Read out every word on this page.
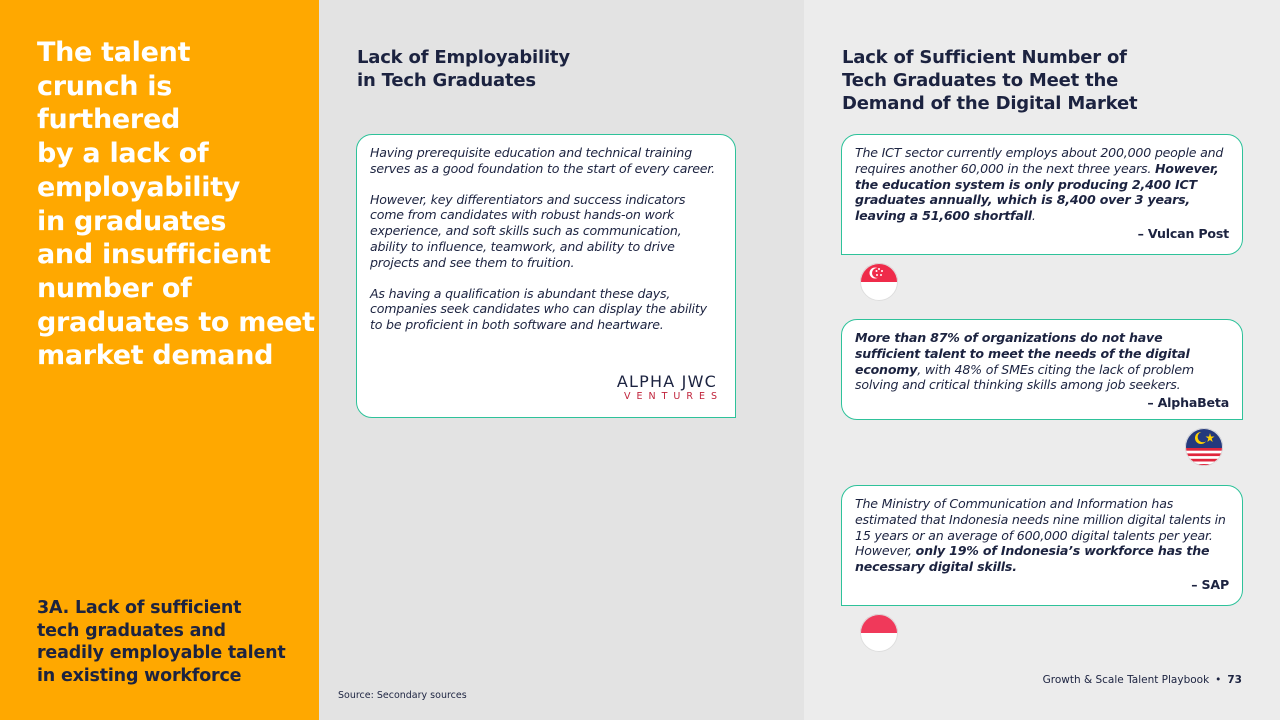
The talent
crunch is
furthered
by a lack of
employability
in graduates
and insufficient
number of
graduates to meet
market demand
3A. Lack of sufficient
tech graduates and
readily employable talent
in existing workforce
Lack of Employability
in Tech Graduates

Having prerequisite education and technical training serves as a good foundation to the start of every career.

However, key differentiators and success indicators come from candidates with robust hands-on work experience, and soft skills such as communication, ability to influence, teamwork, and ability to drive projects and see them to fruition.

As having a qualification is abundant these days, companies seek candidates who can display the ability to be proficient in both software and heartware.

ALPHA JWC
VENTURES
Lack of Sufficient Number of
Tech Graduates to Meet the
Demand of the Digital Market
The ICT sector currently employs about 200,000 people and requires another 60,000 in the next three years. However, the education system is only producing 2,400 ICT graduates annually, which is 8,400 over 3 years, leaving a 51,600 shortfall.
– Vulcan Post
More than 87% of organizations do not have sufficient talent to meet the needs of the digital economy, with 48% of SMEs citing the lack of problem solving and critical thinking skills among job seekers.
– AlphaBeta
The Ministry of Communication and Information has estimated that Indonesia needs nine million digital talents in 15 years or an average of 600,000 digital talents per year. However, only 19% of Indonesia’s workforce has the necessary digital skills.
– SAP
Source: Secondary sources
Growth & Scale Talent Playbook • 73
